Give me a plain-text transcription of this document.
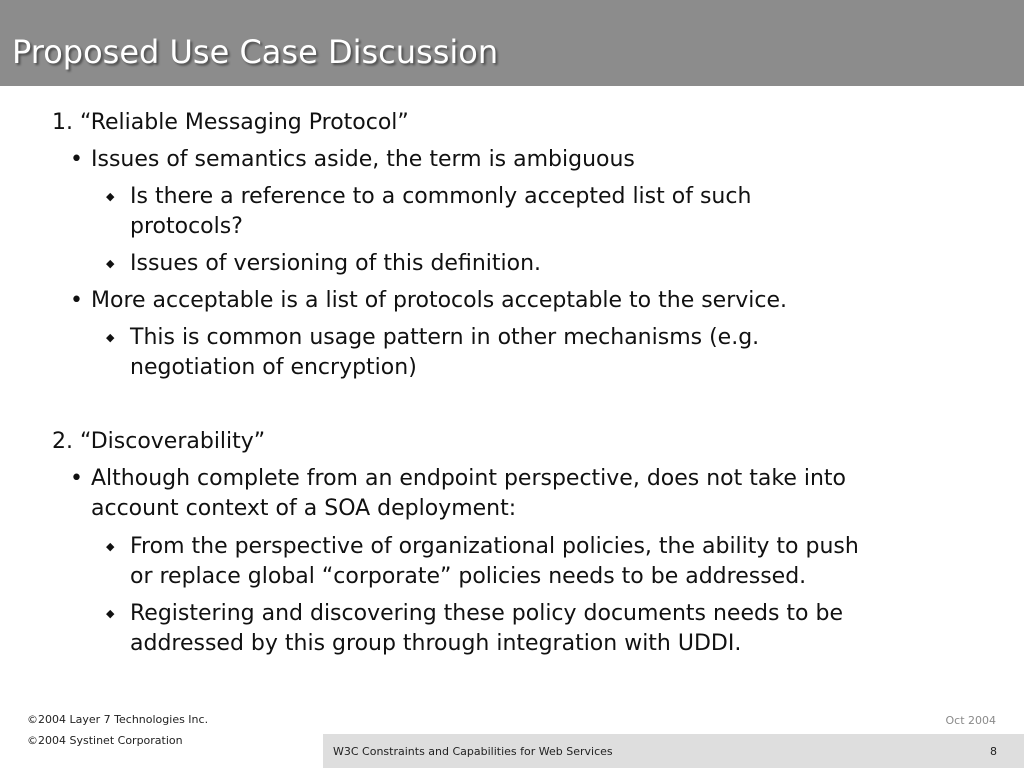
Proposed Use Case Discussion
1. “Reliable Messaging Protocol”
• Issues of semantics aside, the term is ambiguous
◆ Is there a reference to a commonly accepted list of such
protocols?
◆ Issues of versioning of this definition.
• More acceptable is a list of protocols acceptable to the service.
◆ This is common usage pattern in other mechanisms (e.g.
negotiation of encryption)
2. “Discoverability”
• Although complete from an endpoint perspective, does not take into
account context of a SOA deployment:
◆ From the perspective of organizational policies, the ability to push
or replace global “corporate” policies needs to be addressed.
◆ Registering and discovering these policy documents needs to be
addressed by this group through integration with UDDI.
©2004 Layer 7 Technologies Inc.
©2004 Systinet Corporation
Oct 2004
W3C Constraints and Capabilities for Web Services	8
